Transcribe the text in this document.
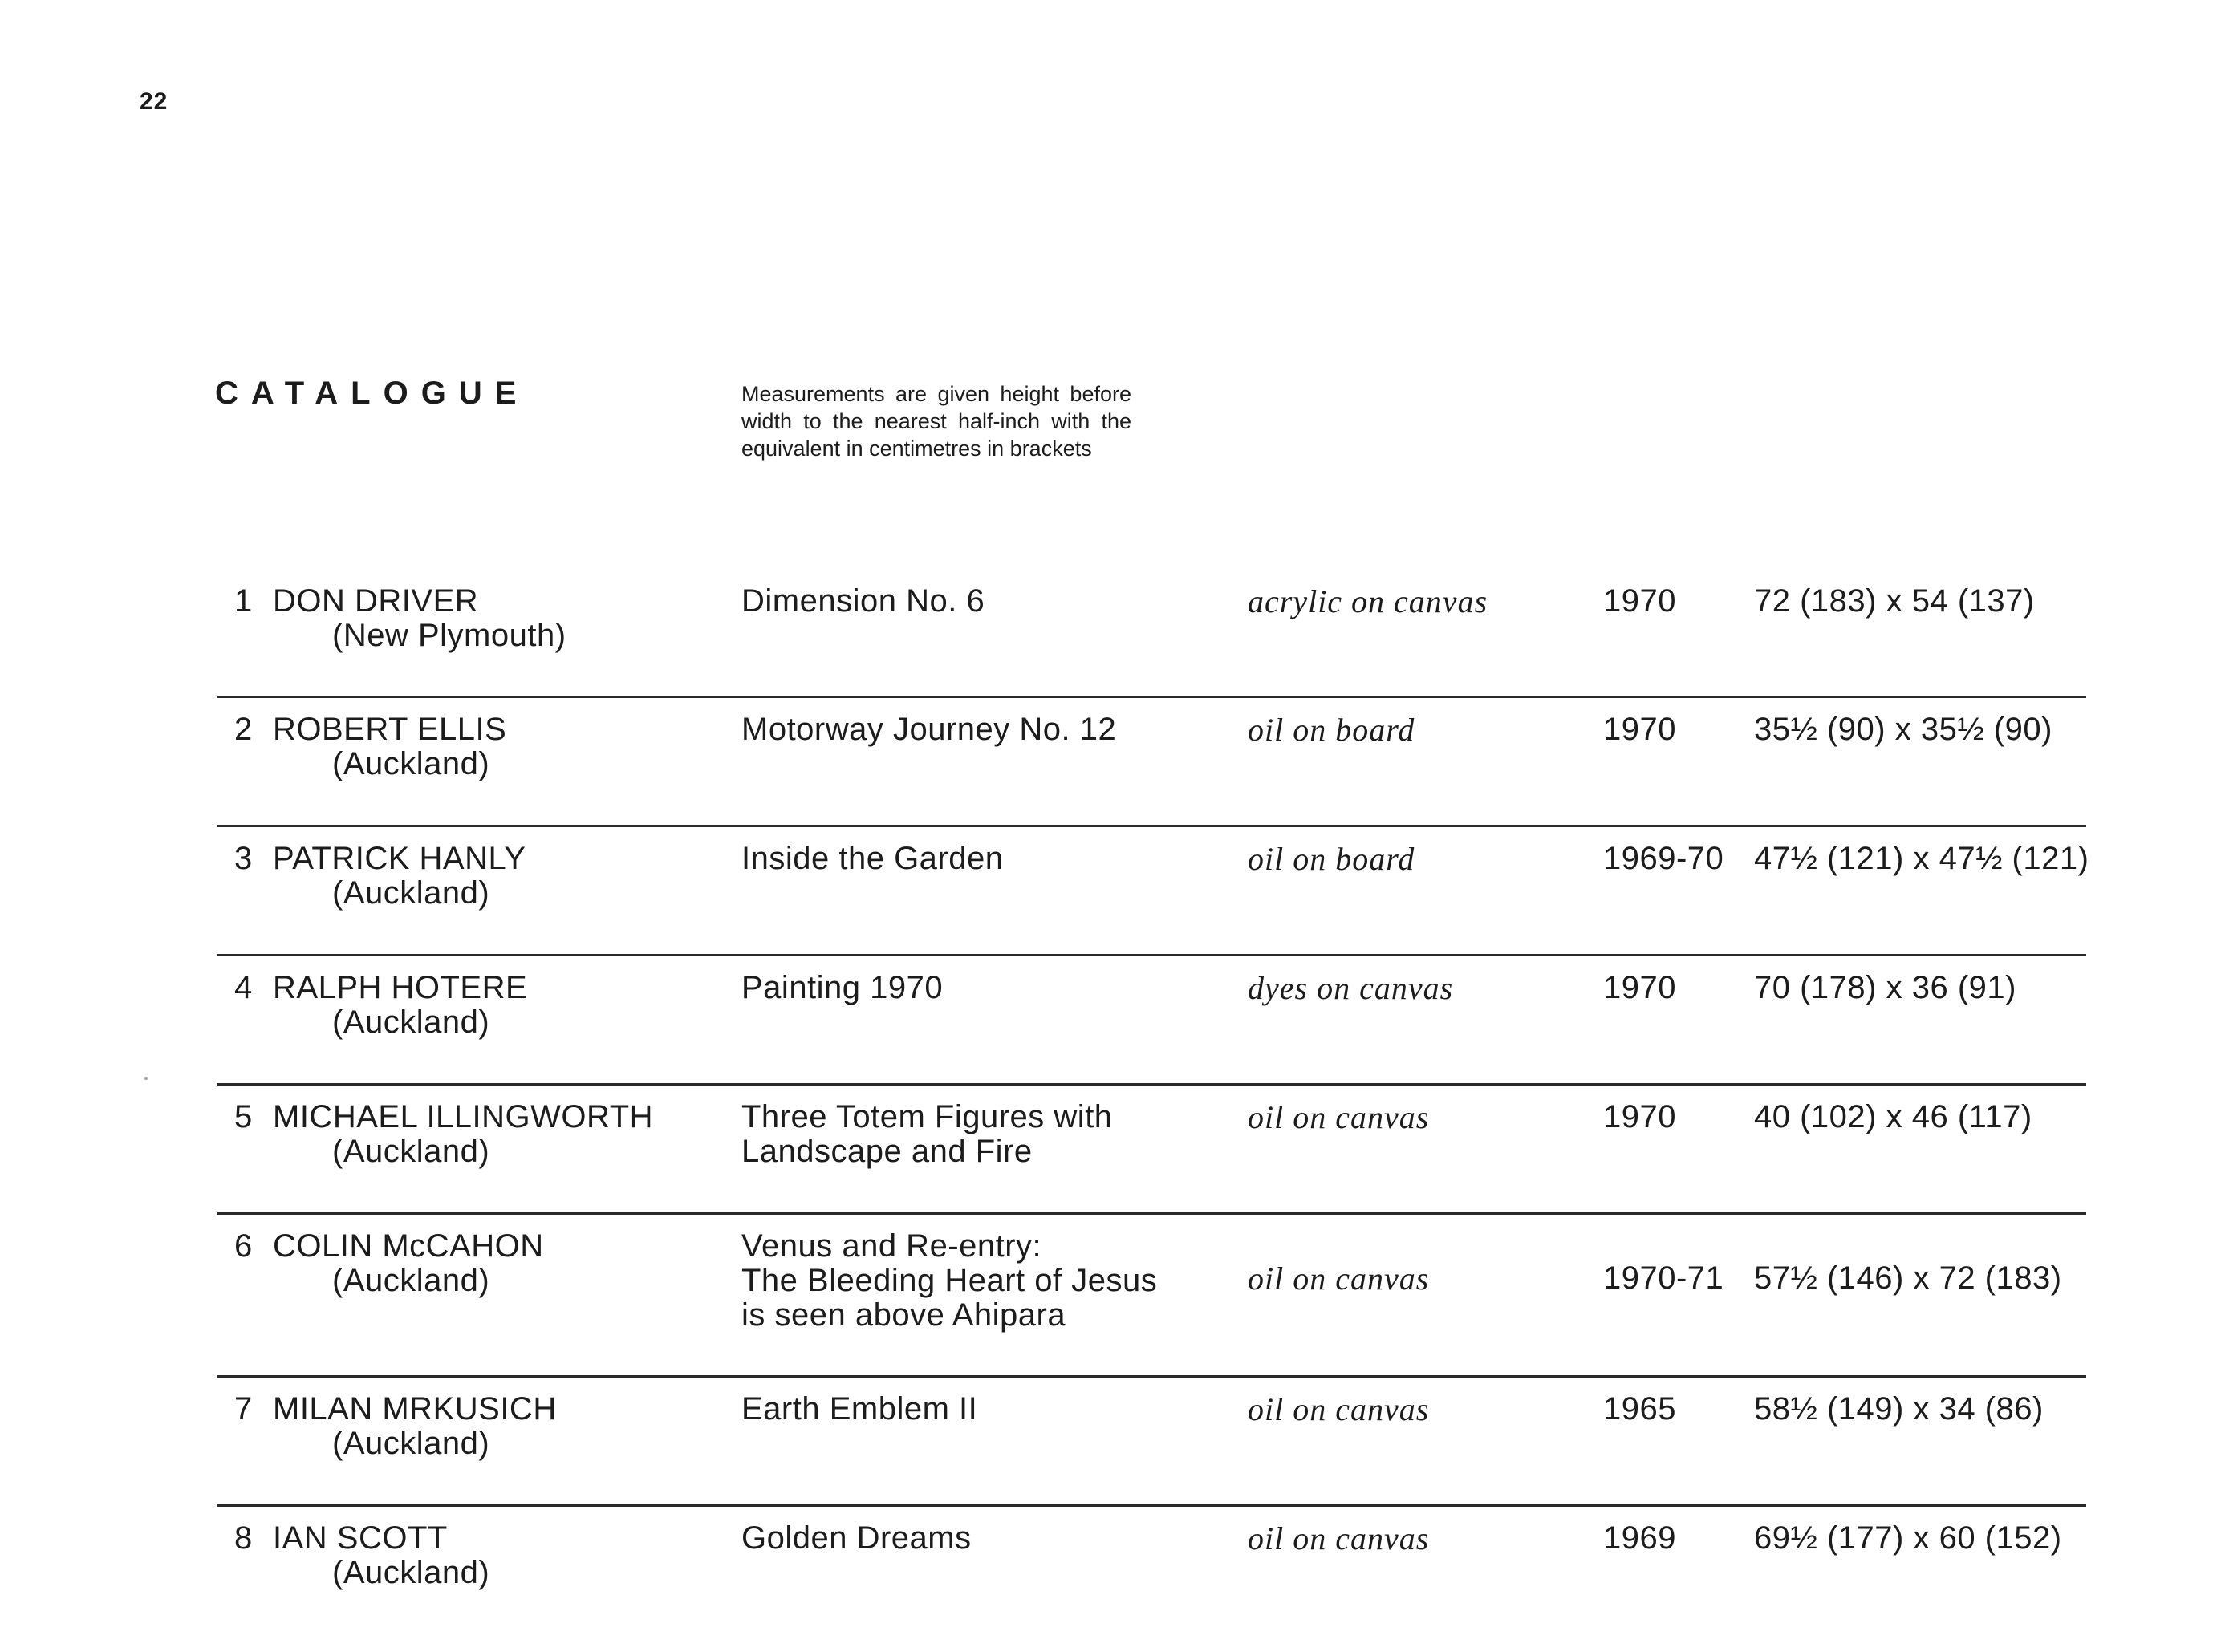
22
CATALOGUE	Measurements are given height before width to the nearest half-inch with the equivalent in centimetres in brackets
1 DON DRIVER
(New Plymouth)
Dimension No. 6	acrylic on canvas	1970	72 (183) x 54 (137)
2 ROBERT ELLIS
(Auckland)
Motorway Journey No. 12	oil on board	1970	35½ (90) x 35½ (90)
3 PATRICK HANLY
(Auckland)
Inside the Garden	oil on board	1969-70 47½ (121) x 47½ (121)
4 RALPH HOTERE
(Auckland)
Painting 1970	dyes on canvas	1970	70 (178) x 36 (91)
5 MICHAEL ILLINGWORTH
(Auckland)
Three Totem Figures with
Landscape and Fire
oil on canvas	1970	40 (102) x 46 (117)
6 COLIN McCAHON
(Auckland)
Venus and Re-entry:
The Bleeding Heart of Jesus
is seen above Ahipara
oil on canvas	1970-71 57½ (146) x 72 (183)
7 MILAN MRKUSICH
(Auckland)
Earth Emblem II	oil on canvas	1965	58½ (149) x 34 (86)
8 IAN SCOTT
(Auckland)
Golden Dreams	oil on canvas	1969	69½ (177) x 60 (152)
